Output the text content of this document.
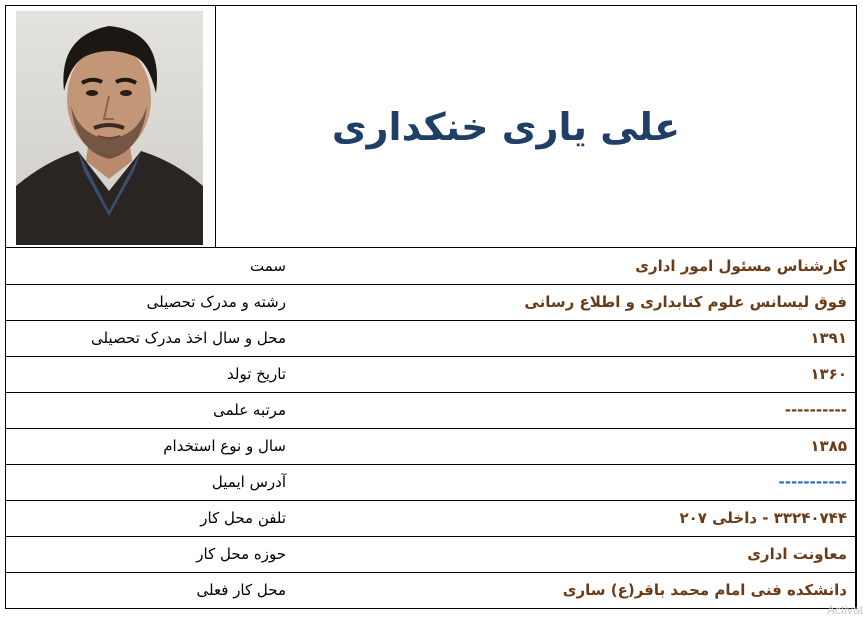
علی یاری خنکداری
سمت	کارشناس مسئول امور اداری
رشته و مدرک تحصیلی	فوق لیسانس علوم کتابداری و اطلاع رسانی
محل و سال اخذ مدرک تحصیلی	۱۳۹۱
تاریخ تولد	۱۳۶۰
مرتبه علمی	----------
سال و نوع استخدام	۱۳۸۵
آدرس ایمیل	-----------
تلفن محل کار	۳۳۲۴۰۷۴۴ - داخلی ۲۰۷
حوزه محل کار	معاونت اداری
محل کار فعلی	دانشکده فنی امام محمد باقر(ع) ساری
Activat
